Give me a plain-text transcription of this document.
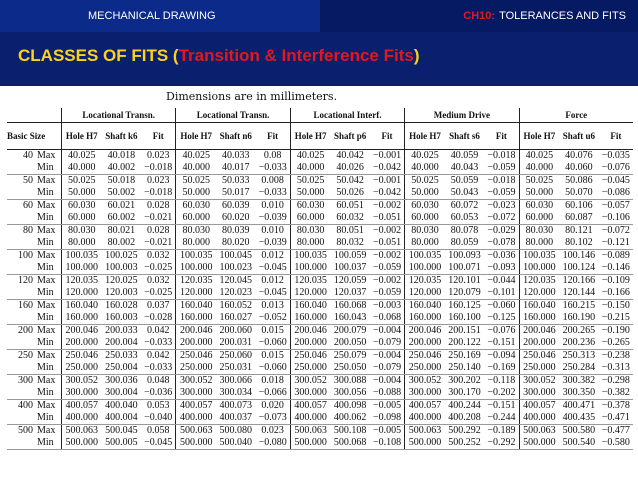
MECHANICAL DRAWING	CH10: TOLERANCES AND FITS
CLASSES OF FITS (Transition & Interference Fits)
Dimensions are in millimeters.
		Locational Transn.			Locational Transn.			Locational Interf.			Medium Drive			Force		
Basic Size		Hole H7	Shaft k6	Fit	Hole H7	Shaft n6	Fit	Hole H7	Shaft p6	Fit	Hole H7	Shaft s6	Fit	Hole H7	Shaft u6	Fit
40	Max	40.025	40.018	0.023	40.025	40.033	0.08	40.025	40.042	−0.001	40.025	40.059	−0.018	40.025	40.076	−0.035
	Min	40.000	40.002	−0.018	40.000	40.017	−0.033	40.000	40.026	−0.042	40.000	40.043	−0.059	40.000	40.060	−0.076
50	Max	50.025	50.018	0.023	50.025	50.033	0.008	50.025	50.042	−0.001	50.025	50.059	−0.018	50.025	50.086	−0.045
	Min	50.000	50.002	−0.018	50.000	50.017	−0.033	50.000	50.026	−0.042	50.000	50.043	−0.059	50.000	50.070	−0.086
60	Max	60.030	60.021	0.028	60.030	60.039	0.010	60.030	60.051	−0.002	60.030	60.072	−0.023	60.030	60.106	−0.057
	Min	60.000	60.002	−0.021	60.000	60.020	−0.039	60.000	60.032	−0.051	60.000	60.053	−0.072	60.000	60.087	−0.106
80	Max	80.030	80.021	0.028	80.030	80.039	0.010	80.030	80.051	−0.002	80.030	80.078	−0.029	80.030	80.121	−0.072
	Min	80.000	80.002	−0.021	80.000	80.020	−0.039	80.000	80.032	−0.051	80.000	80.059	−0.078	80.000	80.102	−0.121
100	Max	100.035	100.025	0.032	100.035	100.045	0.012	100.035	100.059	−0.002	100.035	100.093	−0.036	100.035	100.146	−0.089
	Min	100.000	100.003	−0.025	100.000	100.023	−0.045	100.000	100.037	−0.059	100.000	100.071	−0.093	100.000	100.124	−0.146
120	Max	120.035	120.025	0.032	120.035	120.045	0.012	120.035	120.059	−0.002	120.035	120.101	−0.044	120.035	120.166	−0.109
	Min	120.000	120.003	−0.025	120.000	120.023	−0.045	120.000	120.037	−0.059	120.000	120.079	−0.101	120.000	120.144	−0.166
160	Max	160.040	160.028	0.037	160.040	160.052	0.013	160.040	160.068	−0.003	160.040	160.125	−0.060	160.040	160.215	−0.150
	Min	160.000	160.003	−0.028	160.000	160.027	−0.052	160.000	160.043	−0.068	160.000	160.100	−0.125	160.000	160.190	−0.215
200	Max	200.046	200.033	0.042	200.046	200.060	0.015	200.046	200.079	−0.004	200.046	200.151	−0.076	200.046	200.265	−0.190
	Min	200.000	200.004	−0.033	200.000	200.031	−0.060	200.000	200.050	−0.079	200.000	200.122	−0.151	200.000	200.236	−0.265
250	Max	250.046	250.033	0.042	250.046	250.060	0.015	250.046	250.079	−0.004	250.046	250.169	−0.094	250.046	250.313	−0.238
	Min	250.000	250.004	−0.033	250.000	250.031	−0.060	250.000	250.050	−0.079	250.000	250.140	−0.169	250.000	250.284	−0.313
300	Max	300.052	300.036	0.048	300.052	300.066	0.018	300.052	300.088	−0.004	300.052	300.202	−0.118	300.052	300.382	−0.298
	Min	300.000	300.004	−0.036	300.000	300.034	−0.066	300.000	300.056	−0.088	300.000	300.170	−0.202	300.000	300.350	−0.382
400	Max	400.057	400.040	0.053	400.057	400.073	0.020	400.057	400.098	−0.005	400.057	400.244	−0.151	400.057	400.471	−0.378
	Min	400.000	400.004	−0.040	400.000	400.037	−0.073	400.000	400.062	−0.098	400.000	400.208	−0.244	400.000	400.435	−0.471
500	Max	500.063	500.045	0.058	500.063	500.080	0.023	500.063	500.108	−0.005	500.063	500.292	−0.189	500.063	500.580	−0.477
	Min	500.000	500.005	−0.045	500.000	500.040	−0.080	500.000	500.068	−0.108	500.000	500.252	−0.292	500.000	500.540	−0.580
